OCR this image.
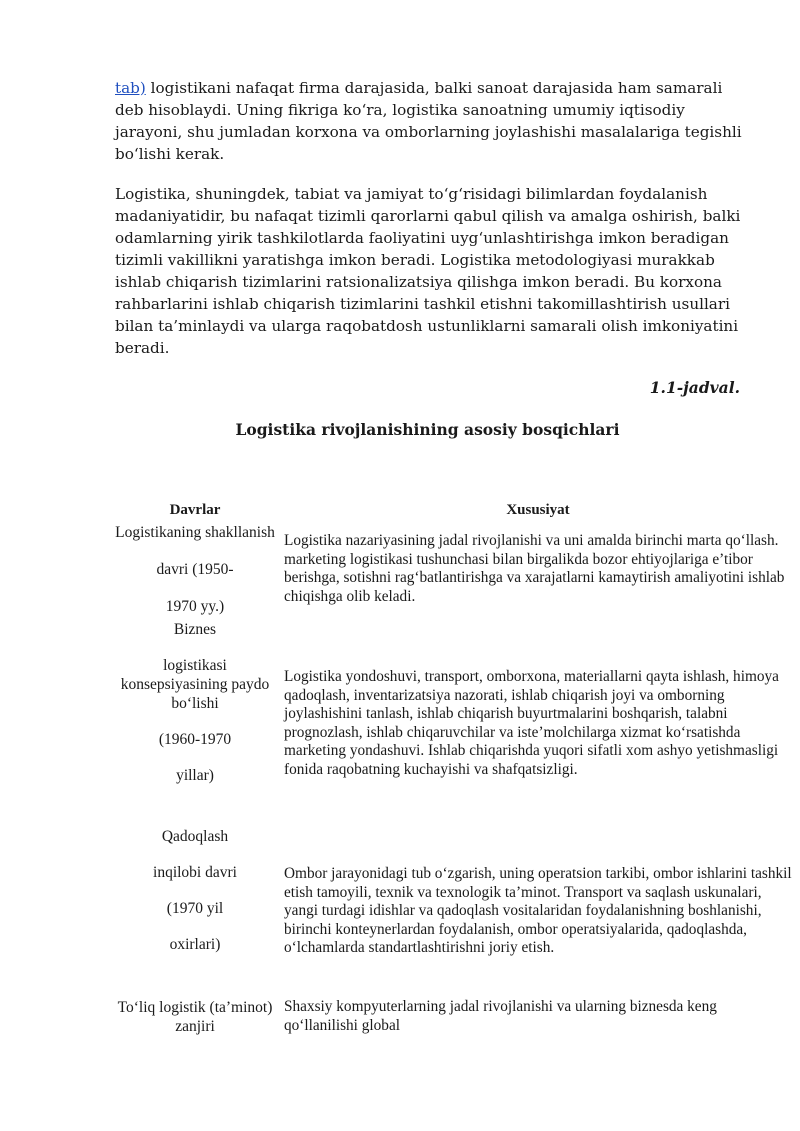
tab) logistikani nafaqat firma darajasida, balki sanoat darajasida ham samarali deb hisoblaydi. Uning fikriga ko‘ra, logistika sanoatning umumiy iqtisodiy jarayoni, shu jumladan korxona va omborlarning joylashishi masalalariga tegishli bo‘lishi kerak.

Logistika, shuningdek, tabiat va jamiyat to‘g‘risidagi bilimlardan foydalanish madaniyatidir, bu nafaqat tizimli qarorlarni qabul qilish va amalga oshirish, balki odamlarning yirik tashkilotlarda faoliyatini uyg‘unlashtirishga imkon beradigan tizimli vakillikni yaratishga imkon beradi. Logistika metodologiyasi murakkab ishlab chiqarish tizimlarini ratsionalizatsiya qilishga imkon beradi. Bu korxona rahbarlarini ishlab chiqarish tizimlarini tashkil etishni takomillashtirish usullari bilan ta’minlaydi va ularga raqobatdosh ustunliklarni samarali olish imkoniyatini beradi.

1.1-jadval.
Logistika rivojlanishining asosiy bosqichlari
Davrlar	Xususiyat
Logistikaning shakllanish
davri (1950-
1970 yy.)
Logistika nazariyasining jadal rivojlanishi va uni amalda birinchi marta qo‘llash. marketing logistikasi tushunchasi bilan birgalikda bozor ehtiyojlariga e’tibor berishga, sotishni rag‘batlantirishga va xarajatlarni kamaytirish amaliyotini ishlab chiqishga olib keladi.
Biznes
logistikasi konsepsiyasining paydo bo‘lishi
(1960-1970
yillar)
Logistika yondoshuvi, transport, omborxona, materiallarni qayta ishlash, himoya qadoqlash, inventarizatsiya nazorati, ishlab chiqarish joyi va omborning joylashishini tanlash, ishlab chiqarish buyurtmalarini boshqarish, talabni prognozlash, ishlab chiqaruvchilar va iste’molchilarga xizmat ko‘rsatishda marketing yondashuvi. Ishlab chiqarishda yuqori sifatli xom ashyo yetishmasligi fonida raqobatning kuchayishi va shafqatsizligi.
Qadoqlash
inqilobi davri
(1970 yil
oxirlari)
Ombor jarayonidagi tub o‘zgarish, uning operatsion tarkibi, ombor ishlarini tashkil etish tamoyili, texnik va texnologik ta’minot. Transport va saqlash uskunalari, yangi turdagi idishlar va qadoqlash vositalaridan foydalanishning boshlanishi, birinchi konteynerlardan foydalanish, ombor operatsiyalarida, qadoqlashda, o‘lchamlarda standartlashtirishni joriy etish.
To‘liq logistik (ta’minot) zanjiri
Shaxsiy kompyuterlarning jadal rivojlanishi va ularning biznesda keng qo‘llanilishi global
